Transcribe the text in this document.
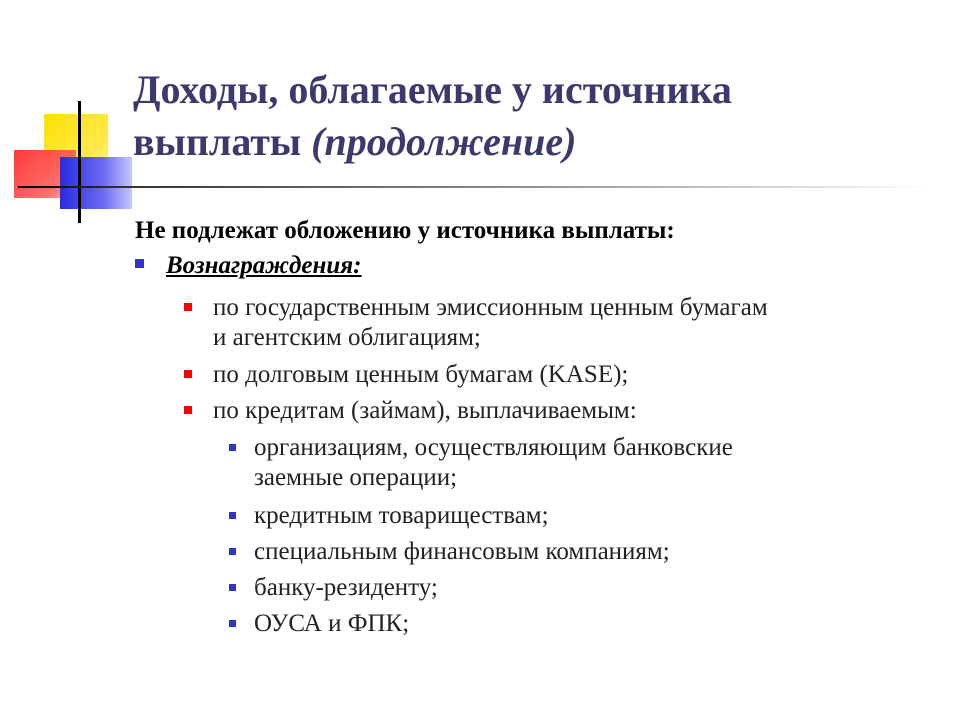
Доходы, облагаемые у источника
выплаты (продолжение)

Не подлежат обложению у источника выплаты:

Вознаграждения:
по государственным эмиссионным ценным бумагам
и агентским облигациям;
по долговым ценным бумагам (KASE);
по кредитам (займам), выплачиваемым:
организациям, осуществляющим банковские
заемные операции;
кредитным товариществам;
специальным финансовым компаниям;
банку-резиденту;
ОУСА и ФПК;
